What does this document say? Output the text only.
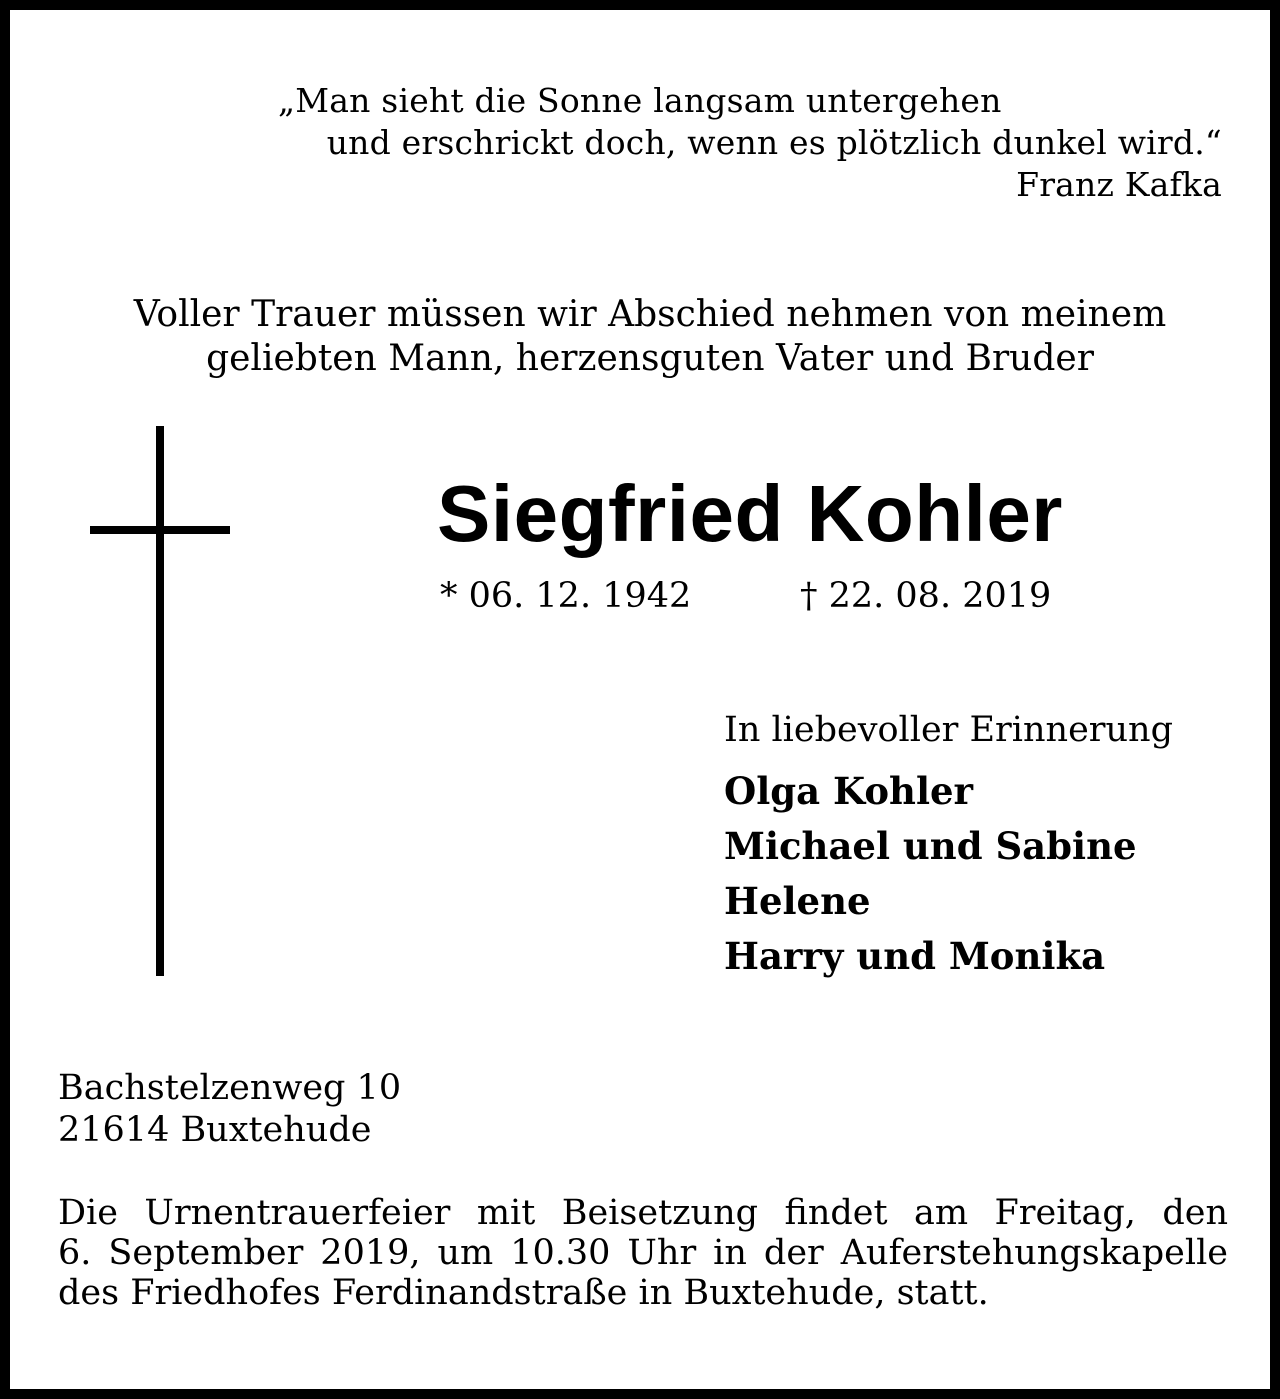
„Man sieht die Sonne langsam untergehen
und erschrickt doch, wenn es plötzlich dunkel wird.“
Franz Kafka
Voller Trauer müssen wir Abschied nehmen von meinem
geliebten Mann, herzensguten Vater und Bruder
Siegfried Kohler
* 06. 12. 1942	† 22. 08. 2019
In liebevoller Erinnerung
Olga Kohler
Michael und Sabine
Helene
Harry und Monika
Bachstelzenweg 10
21614 Buxtehude
Die Urnentrauerfeier mit Beisetzung findet am Freitag, den
6. September 2019, um 10.30 Uhr in der Auferstehungskapelle
des Friedhofes Ferdinandstraße in Buxtehude, statt.
